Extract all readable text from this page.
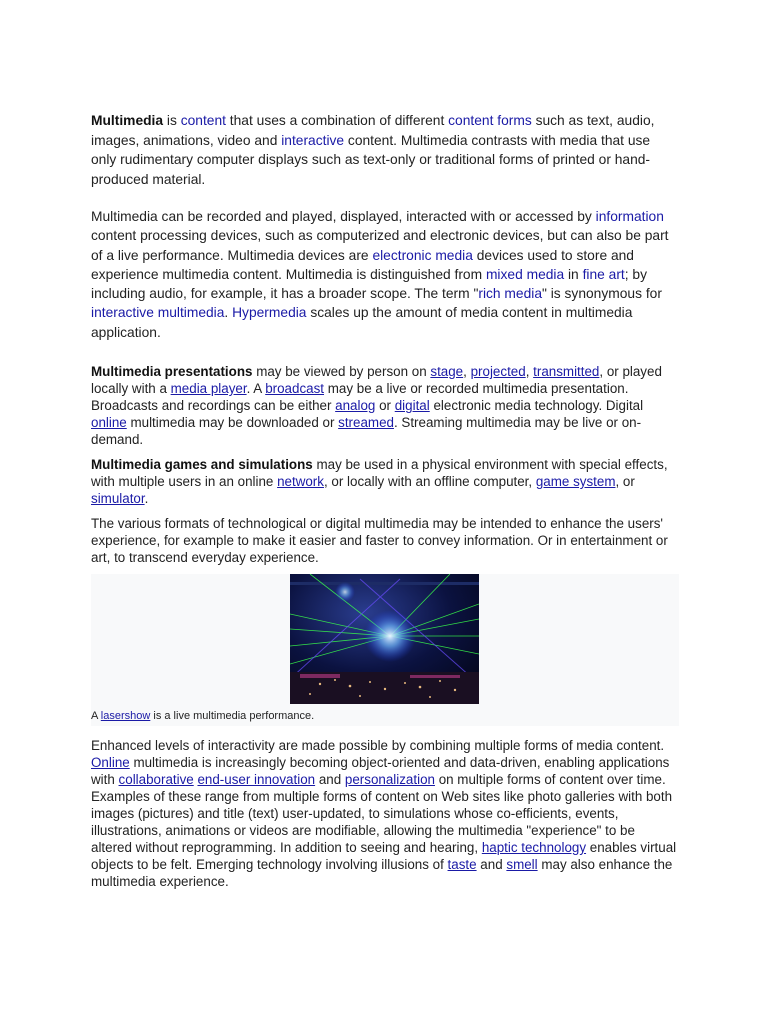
Multimedia is content that uses a combination of different content forms such as text, audio, images, animations, video and interactive content. Multimedia contrasts with media that use only rudimentary computer displays such as text-only or traditional forms of printed or hand-produced material.

Multimedia can be recorded and played, displayed, interacted with or accessed by information content processing devices, such as computerized and electronic devices, but can also be part of a live performance. Multimedia devices are electronic media devices used to store and experience multimedia content. Multimedia is distinguished from mixed media in fine art; by including audio, for example, it has a broader scope. The term "rich media" is synonymous for interactive multimedia. Hypermedia scales up the amount of media content in multimedia application.

Multimedia presentations may be viewed by person on stage, projected, transmitted, or played locally with a media player. A broadcast may be a live or recorded multimedia presentation. Broadcasts and recordings can be either analog or digital electronic media technology. Digital online multimedia may be downloaded or streamed. Streaming multimedia may be live or on-demand.

Multimedia games and simulations may be used in a physical environment with special effects, with multiple users in an online network, or locally with an offline computer, game system, or simulator.

The various formats of technological or digital multimedia may be intended to enhance the users' experience, for example to make it easier and faster to convey information. Or in entertainment or art, to transcend everyday experience.

A lasershow is a live multimedia performance.

Enhanced levels of interactivity are made possible by combining multiple forms of media content. Online multimedia is increasingly becoming object-oriented and data-driven, enabling applications with collaborative end-user innovation and personalization on multiple forms of content over time. Examples of these range from multiple forms of content on Web sites like photo galleries with both images (pictures) and title (text) user-updated, to simulations whose co-efficients, events, illustrations, animations or videos are modifiable, allowing the multimedia "experience" to be altered without reprogramming. In addition to seeing and hearing, haptic technology enables virtual objects to be felt. Emerging technology involving illusions of taste and smell may also enhance the multimedia experience.
